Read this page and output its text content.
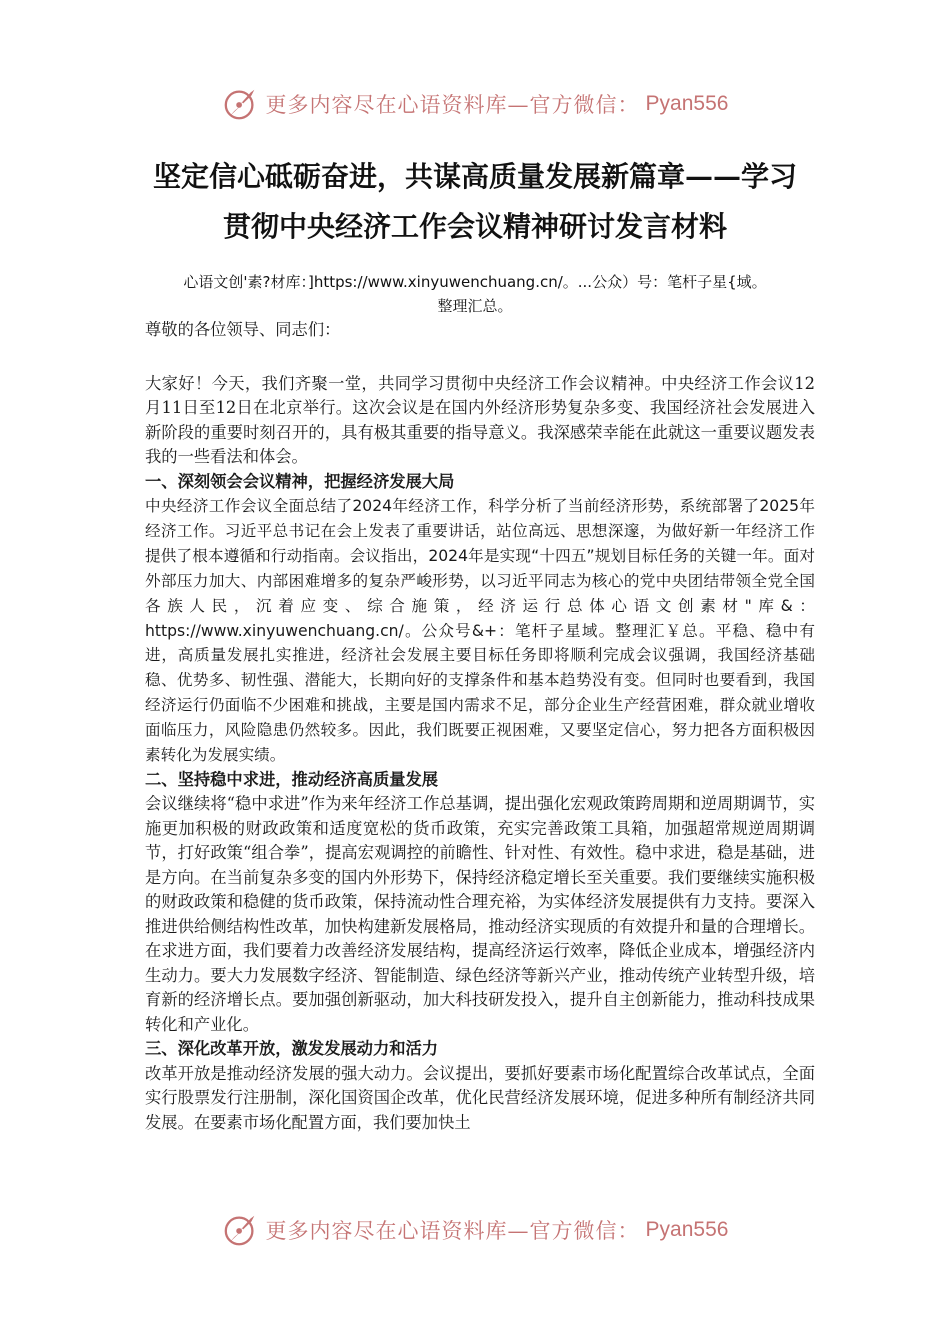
更多内容尽在心语资料库—官方微信： Pyan556
坚定信心砥砺奋进，共谋高质量发展新篇章——学习
贯彻中央经济工作会议精神研讨发言材料
心语文创'素?材库：]https://www.xinyuwenchuang.cn/。...公众）号：笔杆子星{域。
整理汇总。

尊敬的各位领导、同志们：

大家好！今天，我们齐聚一堂，共同学习贯彻中央经济工作会议精神。中央经济工作会议12月11日至12日在北京举行。这次会议是在国内外经济形势复杂多变、我国经济社会发展进入新阶段的重要时刻召开的，具有极其重要的指导意义。我深感荣幸能在此就这一重要议题发表我的一些看法和体会。

一、深刻领会会议精神，把握经济发展大局

中央经济工作会议全面总结了2024年经济工作，科学分析了当前经济形势，系统部署了2025年经济工作。习近平总书记在会上发表了重要讲话，站位高远、思想深邃，为做好新一年经济工作提供了根本遵循和行动指南。会议指出，2024年是实现“十四五”规划目标任务的关键一年。面对外部压力加大、内部困难增多的复杂严峻形势，以习近平同志为核心的党中央团结带领全党全国各族人民，沉着应变、综合施策，经济运行总体心语文创素材"库&：https://www.xinyuwenchuang.cn/。公众号&+：笔杆子星域。整理汇￥总。平稳、稳中有进，高质量发展扎实推进，经济社会发展主要目标任务即将顺利完成会议强调，我国经济基础稳、优势多、韧性强、潜能大，长期向好的支撑条件和基本趋势没有变。但同时也要看到，我国经济运行仍面临不少困难和挑战，主要是国内需求不足，部分企业生产经营困难，群众就业增收面临压力，风险隐患仍然较多。因此，我们既要正视困难，又要坚定信心，努力把各方面积极因素转化为发展实绩。

二、坚持稳中求进，推动经济高质量发展

会议继续将“稳中求进”作为来年经济工作总基调，提出强化宏观政策跨周期和逆周期调节，实施更加积极的财政政策和适度宽松的货币政策，充实完善政策工具箱，加强超常规逆周期调节，打好政策“组合拳”，提高宏观调控的前瞻性、针对性、有效性。稳中求进，稳是基础，进是方向。在当前复杂多变的国内外形势下，保持经济稳定增长至关重要。我们要继续实施积极的财政政策和稳健的货币政策，保持流动性合理充裕，为实体经济发展提供有力支持。要深入推进供给侧结构性改革，加快构建新发展格局，推动经济实现质的有效提升和量的合理增长。在求进方面，我们要着力改善经济发展结构，提高经济运行效率，降低企业成本，增强经济内生动力。要大力发展数字经济、智能制造、绿色经济等新兴产业，推动传统产业转型升级，培育新的经济增长点。要加强创新驱动，加大科技研发投入，提升自主创新能力，推动科技成果转化和产业化。

三、深化改革开放，激发发展动力和活力

改革开放是推动经济发展的强大动力。会议提出，要抓好要素市场化配置综合改革试点，全面实行股票发行注册制，深化国资国企改革，优化民营经济发展环境，促进多种所有制经济共同发展。在要素市场化配置方面，我们要加快土

更多内容尽在心语资料库—官方微信： Pyan556
